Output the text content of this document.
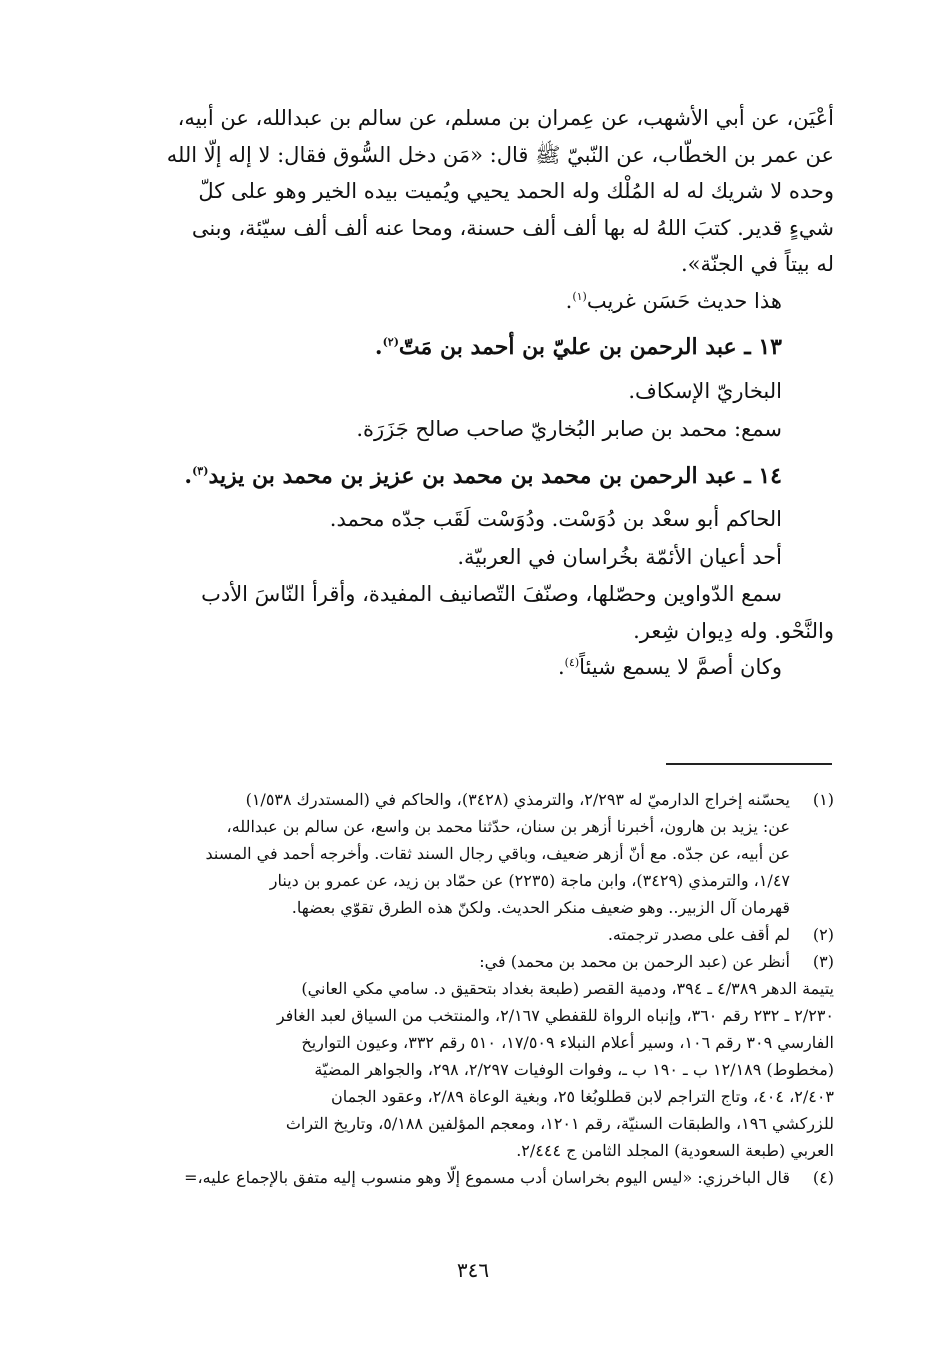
أعْيَن، عن أبي الأشهب، عن عِمران بن مسلم، عن سالم بن عبدالله، عن أبيه،
عن عمر بن الخطّاب، عن النّبيّ ﷺ قال: «مَن دخل السُّوق فقال: لا إله إلّا الله
وحده لا شريك له له المُلْك وله الحمد يحيي ويُميت بيده الخير وهو على كلّ
شيءٍ قدير. كتبَ اللهُ له بها ألف ألف حسنة، ومحا عنه ألف ألف سيّئة، وبنى
له بيتاً في الجنّة».

هذا حديث حَسَن غريب$^{(١)}$.

١٣ ـ عبد الرحمن بن عليّ بن أحمد بن مَتّ$^{(٢)}$.

البخاريّ الإسكاف.

سمع: محمد بن صابر البُخاريّ صاحب صالح جَزَرَة.

١٤ ـ عبد الرحمن بن محمد بن محمد بن عزيز بن محمد بن يزيد$^{(٣)}$.

الحاكم أبو سعْد بن دُوَسْت. ودُوَسْت لَقَب جدّه محمد.

أحد أعيان الأئمّة بخُراسان في العربيّة.

سمع الدّواوين وحصّلها، وصنّفَ التّصانيف المفيدة، وأقرأ النّاسَ الأدب
والنَّحْو. وله دِيوان شِعر.

وكان أصمَّ لا يسمع شيئاً$^{(٤)}$.

(١)
يحسّنه إخراج الدارميّ له ٢/٢٩٣، والترمذي (٣٤٢٨)، والحاكم في (المستدرك ١/٥٣٨)
عن: يزيد بن هارون، أخبرنا أزهر بن سنان، حدّثنا محمد بن واسع، عن سالم بن عبدالله،
عن أبيه، عن جدّه. مع أنّ أزهر ضعيف، وباقي رجال السند ثقات. وأخرجه أحمد في المسند
١/٤٧، والترمذي (٣٤٢٩)، وابن ماجة (٢٢٣٥) عن حمّاد بن زيد، عن عمرو بن دينار
قهرمان آل الزبير.. وهو ضعيف منكر الحديث. ولكنّ هذه الطرق تقوّي بعضها.
(٢)
لم أقف على مصدر ترجمته.
(٣)
أنظر عن (عبد الرحمن بن محمد بن محمد) في:

يتيمة الدهر ٤/٣٨٩ ـ ٣٩٤، ودمية القصر (طبعة بغداد بتحقيق د. سامي مكي العاني)
٢/٢٣٠ ـ ٢٣٢ رقم ٣٦٠، وإنباه الرواة للقفطي ٢/١٦٧، والمنتخب من السياق لعبد الغافر
الفارسي ٣٠٩ رقم ١٠٦، وسير أعلام النبلاء ١٧/٥٠٩، ٥١٠ رقم ٣٣٢، وعيون التواريخ
(مخطوط) ١٢/١٨٩ ب ـ ١٩٠ ب ـ، وفوات الوفيات ٢/٢٩٧، ٢٩٨، والجواهر المضيّة
٢/٤٠٣، ٤٠٤، وتاج التراجم لابن قطلوبُغا ٢٥، وبغية الوعاة ٢/٨٩، وعقود الجمان
للزركشي ١٩٦، والطبقات السنيّة، رقم ١٢٠١، ومعجم المؤلفين ٥/١٨٨، وتاريخ التراث
العربي (طبعة السعودية) المجلد الثامن ج ٢/٤٤٤.

(٤)
قال الباخرزي: «ليس اليوم بخراسان أدب مسموع إلّا وهو منسوب إليه متفق بالإجماع عليه،=
٣٤٦
